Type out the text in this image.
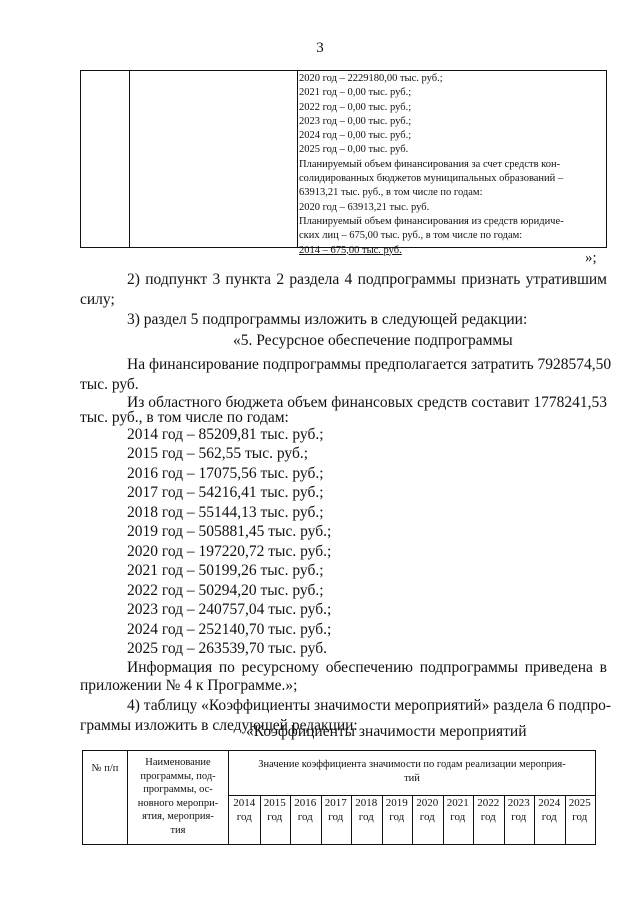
3
2020 год – 2229180,00 тыс. руб.;
2021 год – 0,00 тыс. руб.;
2022 год – 0,00 тыс. руб.;
2023 год – 0,00 тыс. руб.;
2024 год – 0,00 тыс. руб.;
2025 год – 0,00 тыс. руб.
Планируемый объем финансирования за счет средств кон-
солидированных бюджетов муниципальных образований –
63913,21 тыс. руб., в том числе по годам:
2020 год – 63913,21 тыс. руб.
Планируемый объем финансирования из средств юридиче-
ских лиц – 675,00 тыс. руб., в том числе по годам:
2014 – 675,00 тыс. руб.	»;
2) подпункт 3 пункта 2 раздела 4 подпрограммы признать утратившим
силу;
3) раздел 5 подпрограммы изложить в следующей редакции:
«5. Ресурсное обеспечение подпрограммы
На финансирование подпрограммы предполагается затратить 7928574,50
тыс. руб.
Из областного бюджета объем финансовых средств составит 1778241,53
тыс. руб., в том числе по годам:
2014 год – 85209,81 тыс. руб.;
2015 год – 562,55 тыс. руб.;
2016 год – 17075,56 тыс. руб.;
2017 год – 54216,41 тыс. руб.;
2018 год – 55144,13 тыс. руб.;
2019 год – 505881,45 тыс. руб.;
2020 год – 197220,72 тыс. руб.;
2021 год – 50199,26 тыс. руб.;
2022 год – 50294,20 тыс. руб.;
2023 год – 240757,04 тыс. руб.;
2024 год – 252140,70 тыс. руб.;
2025 год – 263539,70 тыс. руб.
Информация по ресурсному обеспечению подпрограммы приведена в
приложении № 4 к Программе.»;
4) таблицу «Коэффициенты значимости мероприятий» раздела 6 подпро-
граммы изложить в следующей редакции:
«Коэффициенты значимости мероприятий
№ п/п
Наименование
программы, под-
программы, ос-
новного меропри-
ятия, мероприя-
тия
Значение коэффициента значимости по годам реализации мероприя-
тий
2014
год
2015
год
2016
год
2017
год
2018
год
2019
год
2020
год
2021
год
2022
год
2023
год
2024
год
2025
год
